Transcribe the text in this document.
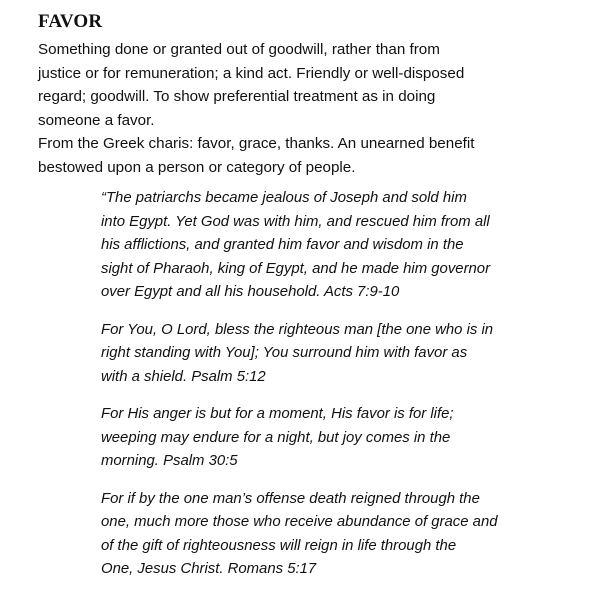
FAVOR
Something done or granted out of goodwill, rather than from
justice or for remuneration; a kind act. Friendly or well-disposed
regard; goodwill. To show preferential treatment as in doing
someone a favor.
From the Greek charis: favor, grace, thanks. An unearned benefit
bestowed upon a person or category of people.
“The patriarchs became jealous of Joseph and sold him
into Egypt. Yet God was with him, and rescued him from all
his afflictions, and granted him favor and wisdom in the
sight of Pharaoh, king of Egypt, and he made him governor
over Egypt and all his household. Acts 7:9-10
For You, O Lord, bless the righteous man [the one who is in
right standing with You]; You surround him with favor as
with a shield. Psalm 5:12
For His anger is but for a moment, His favor is for life;
weeping may endure for a night, but joy comes in the
morning. Psalm 30:5
For if by the one man’s offense death reigned through the
one, much more those who receive abundance of grace and
of the gift of righteousness will reign in life through the
One, Jesus Christ. Romans 5:17
